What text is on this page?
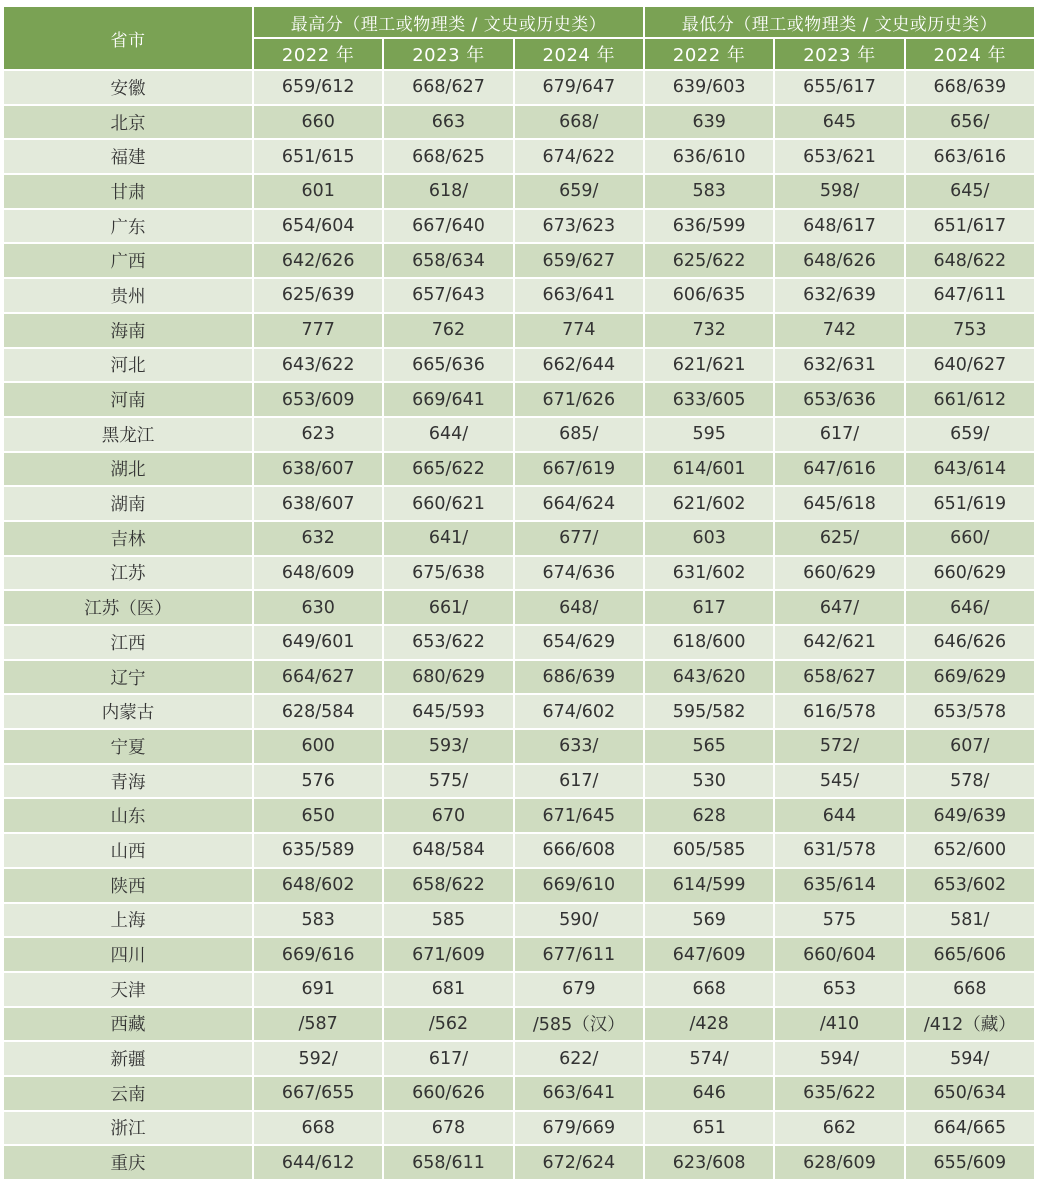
省市	最高分（理工或物理类 / 文史或历史类）			最低分（理工或物理类 / 文史或历史类）		
	2022 年	2023 年	2024 年	2022 年	2023 年	2024 年
安徽	659/612	668/627	679/647	639/603	655/617	668/639
北京	660	663	668/	639	645	656/
福建	651/615	668/625	674/622	636/610	653/621	663/616
甘肃	601	618/	659/	583	598/	645/
广东	654/604	667/640	673/623	636/599	648/617	651/617
广西	642/626	658/634	659/627	625/622	648/626	648/622
贵州	625/639	657/643	663/641	606/635	632/639	647/611
海南	777	762	774	732	742	753
河北	643/622	665/636	662/644	621/621	632/631	640/627
河南	653/609	669/641	671/626	633/605	653/636	661/612
黑龙江	623	644/	685/	595	617/	659/
湖北	638/607	665/622	667/619	614/601	647/616	643/614
湖南	638/607	660/621	664/624	621/602	645/618	651/619
吉林	632	641/	677/	603	625/	660/
江苏	648/609	675/638	674/636	631/602	660/629	660/629
江苏（医）	630	661/	648/	617	647/	646/
江西	649/601	653/622	654/629	618/600	642/621	646/626
辽宁	664/627	680/629	686/639	643/620	658/627	669/629
内蒙古	628/584	645/593	674/602	595/582	616/578	653/578
宁夏	600	593/	633/	565	572/	607/
青海	576	575/	617/	530	545/	578/
山东	650	670	671/645	628	644	649/639
山西	635/589	648/584	666/608	605/585	631/578	652/600
陕西	648/602	658/622	669/610	614/599	635/614	653/602
上海	583	585	590/	569	575	581/
四川	669/616	671/609	677/611	647/609	660/604	665/606
天津	691	681	679	668	653	668
西藏	/587	/562	/585（汉）	/428	/410	/412（藏）
新疆	592/	617/	622/	574/	594/	594/
云南	667/655	660/626	663/641	646	635/622	650/634
浙江	668	678	679/669	651	662	664/665
重庆	644/612	658/611	672/624	623/608	628/609	655/609
